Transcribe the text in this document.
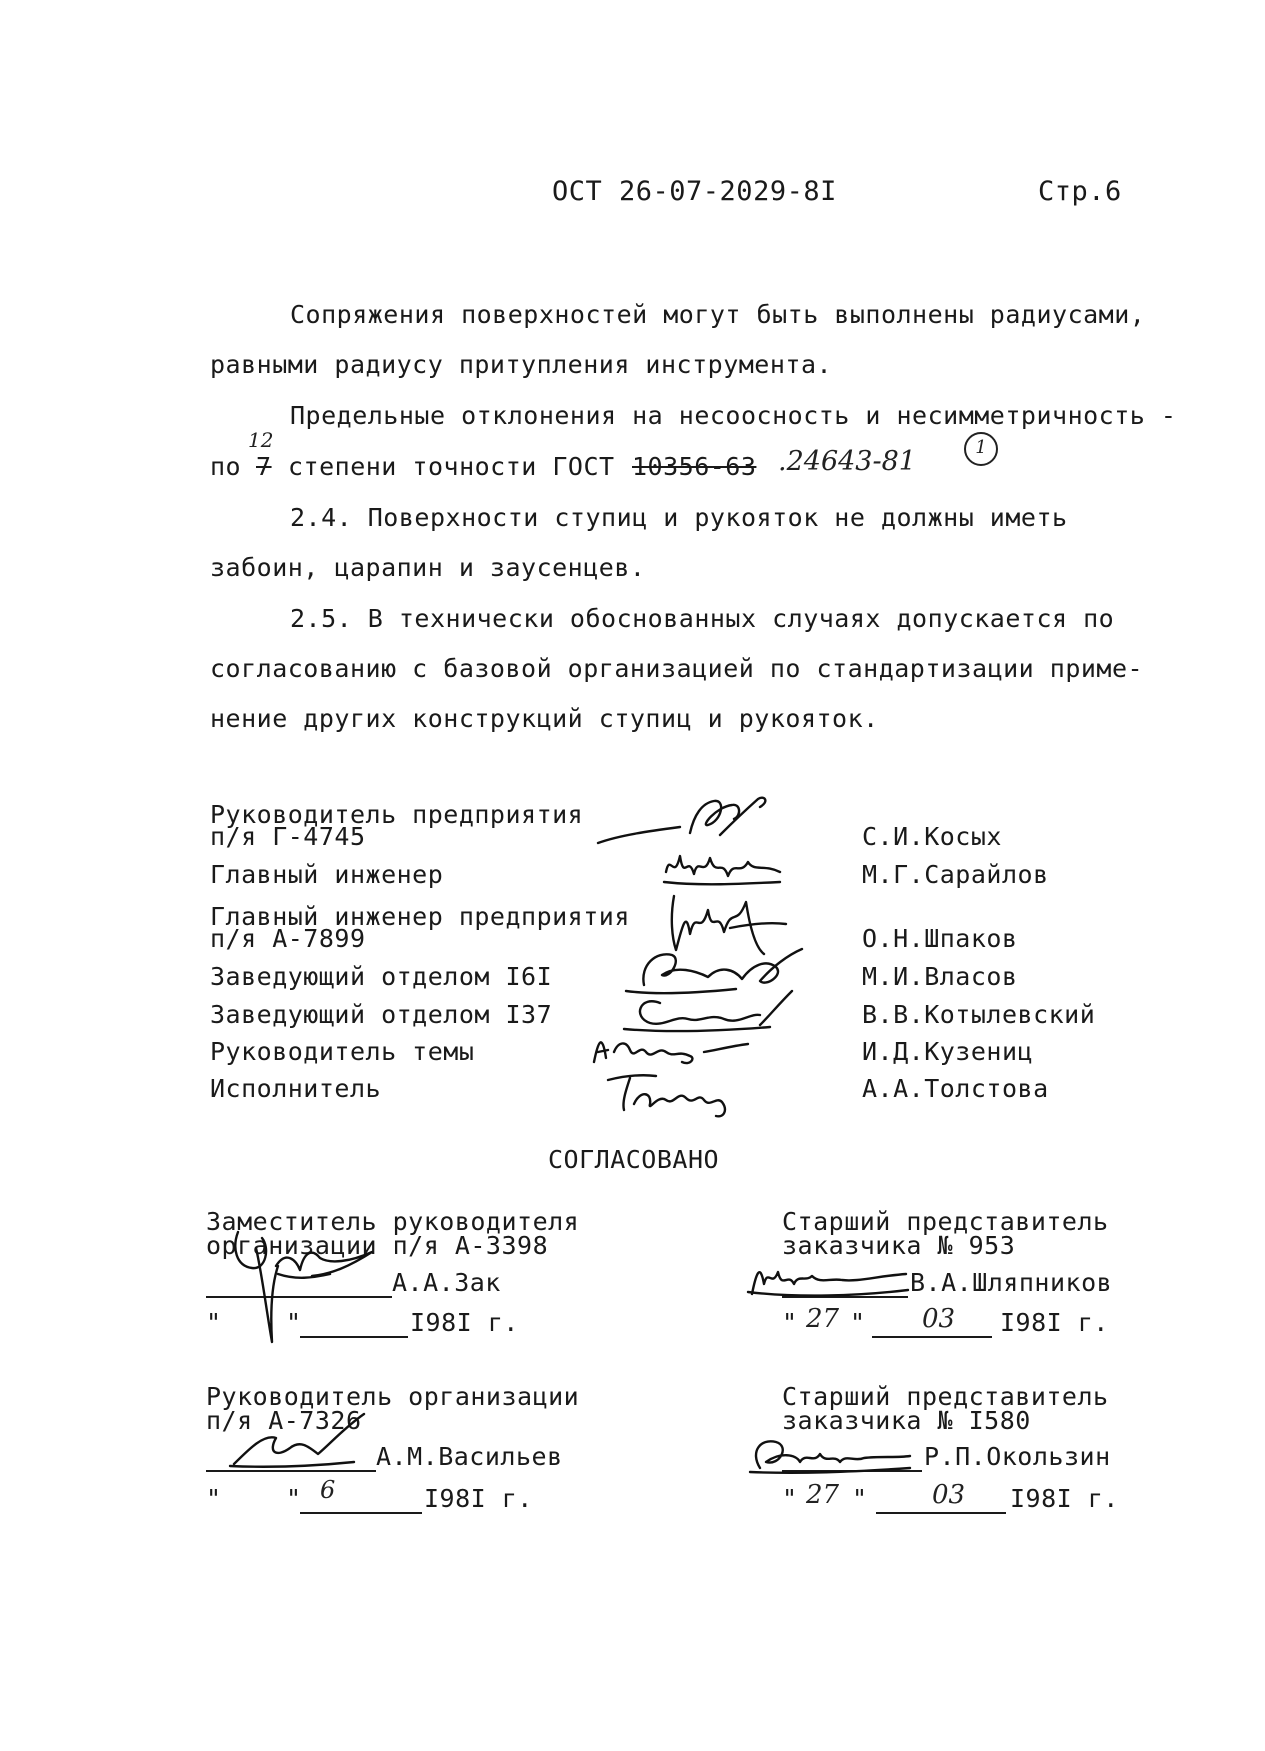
ОСТ 26-07-2029-8I	Стр.6
Сопряжения поверхностей могут быть выполнены радиусами,
равными радиусу притупления инструмента.
Предельные отклонения на несоосность и несимметричность -
по 7
12
степени точности ГОСТ 10356-63 .24643-81	1
2.4. Поверхности ступиц и рукояток не должны иметь
забоин, царапин и заусенцев.
2.5. В технически обоснованных случаях допускается по
согласованию с базовой организацией по стандартизации приме-
нение других конструкций ступиц и рукояток.
Руководитель предприятия
п/я Г-4745	С.И.Косых
Главный инженер	М.Г.Сарайлов
Главный инженер предприятия
п/я А-7899	О.Н.Шпаков
Заведующий отделом I6I	М.И.Власов
Заведующий отделом I37	В.В.Котылевский
Руководитель темы	И.Д.Кузениц
Исполнитель	А.А.Толстова
СОГЛАСОВАНО
Заместитель руководителя
организации п/я А-3398
А.А.Зак
"	"	I98I г.
Старший представитель
заказчика № 953
В.А.Шляпников
" 27 " 03 I98I г.
Руководитель организации
п/я А-7326
А.М.Васильев
"	" 6	I98I г.
Старший представитель
заказчика № I580
Р.П.Окользин
" 27 " 03 I98I г.
